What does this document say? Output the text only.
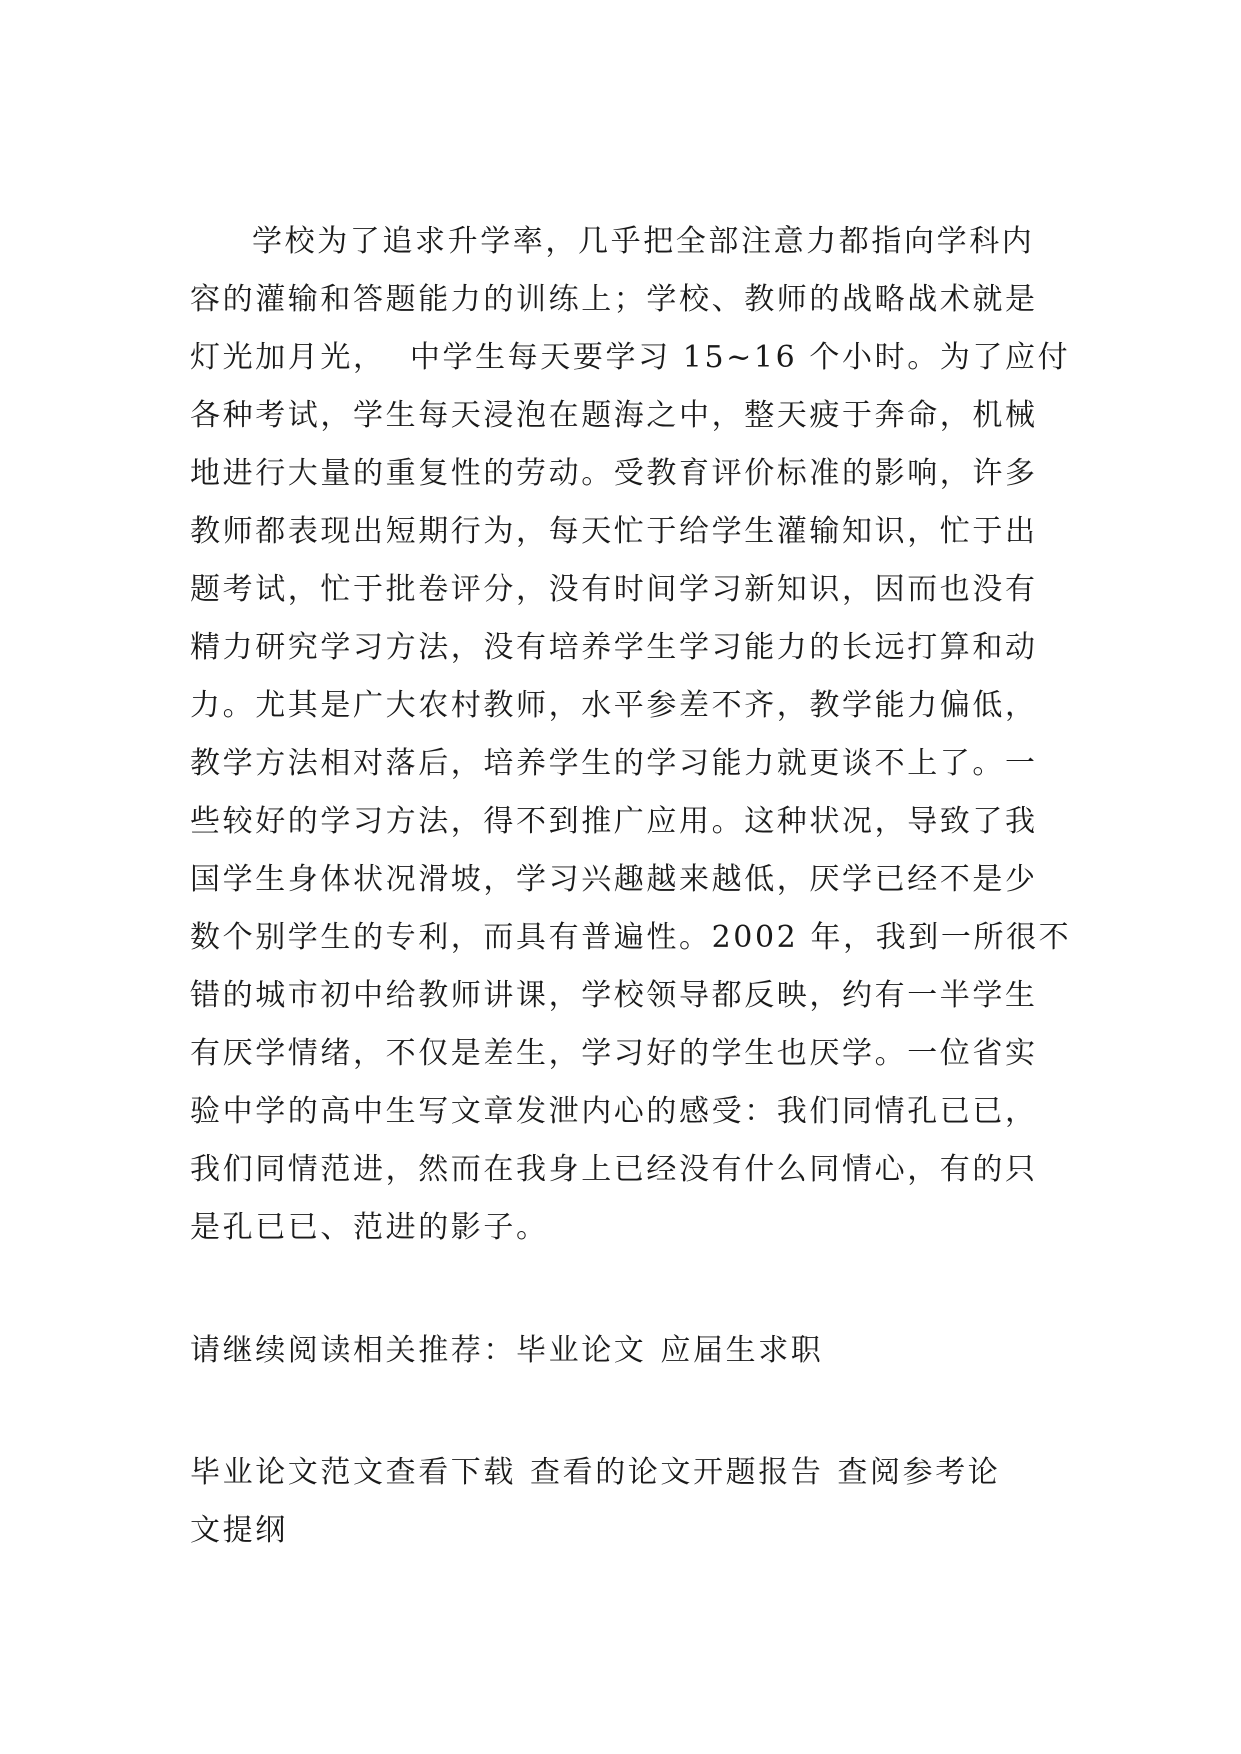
学校为了追求升学率，几乎把全部注意力都指向学科内
容的灌输和答题能力的训练上；学校、教师的战略战术就是
灯光加月光，  中学生每天要学习 15~16 个小时。为了应付
各种考试，学生每天浸泡在题海之中，整天疲于奔命，机械
地进行大量的重复性的劳动。受教育评价标准的影响，许多
教师都表现出短期行为，每天忙于给学生灌输知识，忙于出
题考试，忙于批卷评分，没有时间学习新知识，因而也没有
精力研究学习方法，没有培养学生学习能力的长远打算和动
力。尤其是广大农村教师，水平参差不齐，教学能力偏低，
教学方法相对落后，培养学生的学习能力就更谈不上了。一
些较好的学习方法，得不到推广应用。这种状况，导致了我
国学生身体状况滑坡，学习兴趣越来越低，厌学已经不是少
数个别学生的专利，而具有普遍性。2002 年，我到一所很不
错的城市初中给教师讲课，学校领导都反映，约有一半学生
有厌学情绪，不仅是差生，学习好的学生也厌学。一位省实
验中学的高中生写文章发泄内心的感受：我们同情孔已已，
我们同情范进，然而在我身上已经没有什么同情心，有的只
是孔已已、范进的影子。
请继续阅读相关推荐：毕业论文 应届生求职
毕业论文范文查看下载 查看的论文开题报告 查阅参考论
文提纲
